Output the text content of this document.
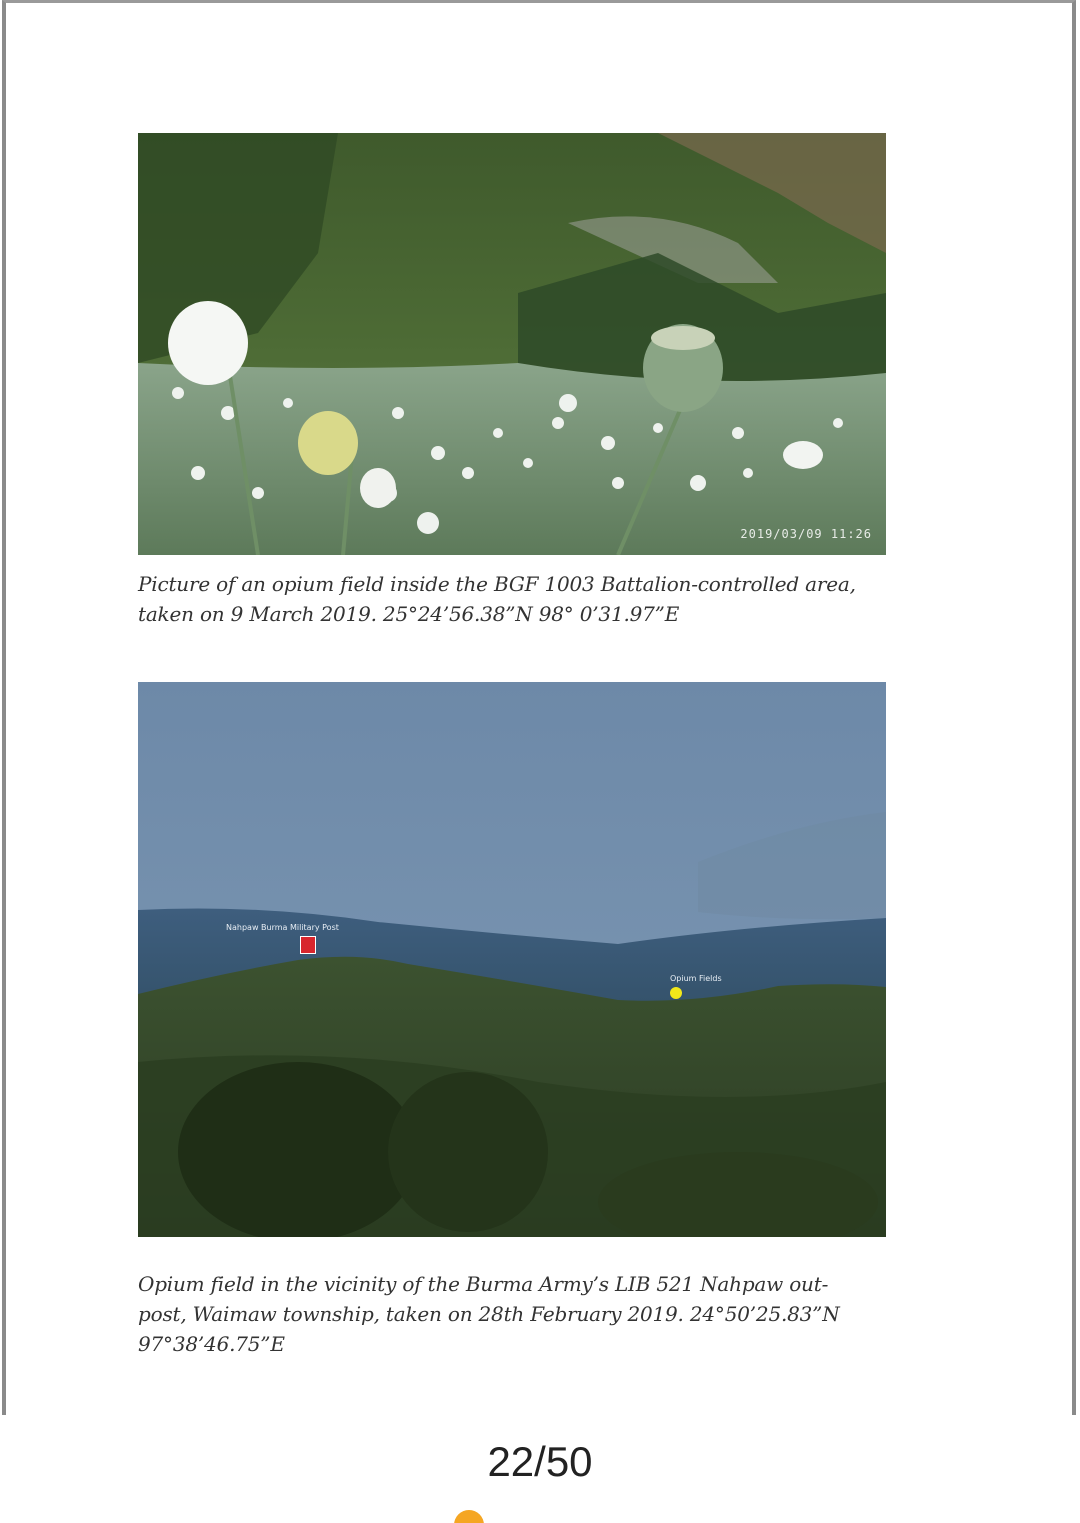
2019/03/09 11:26

Picture of an opium field inside the BGF 1003 Battalion-controlled area, taken on 9 March 2019. 25°24’56.38”N 98° 0’31.97”E

Nahpaw Burma Military Post
Opium Fields

Opium field in the vicinity of the Burma Army’s LIB 521 Nahpaw out-post, Waimaw township, taken on 28th February 2019. 24°50’25.83”N 97°38’46.75”E

22/50
